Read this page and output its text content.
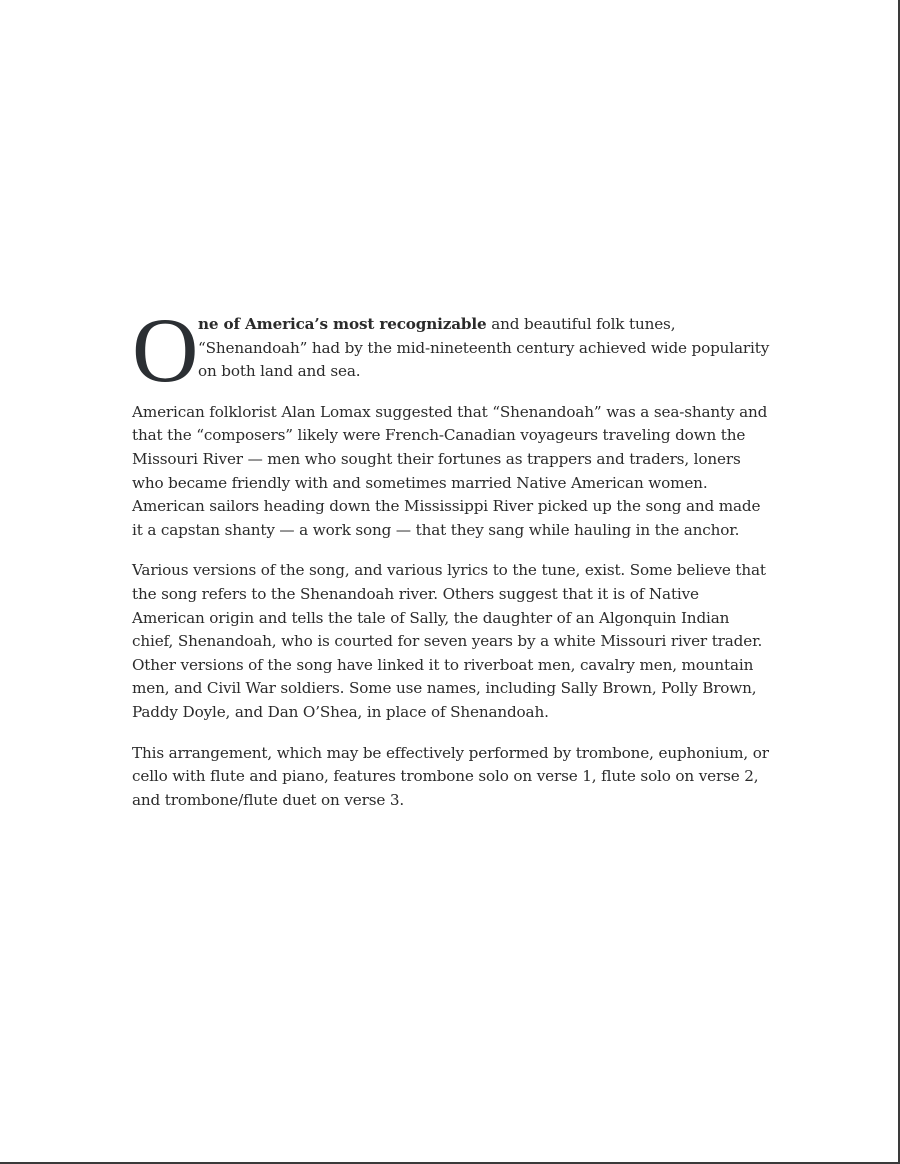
O ne of America’s most recognizable and beautiful folk tunes, “Shenandoah” had by the mid-nineteenth century achieved wide popularity on both land and sea.

American folklorist Alan Lomax suggested that “Shenandoah” was a sea-shanty and that the “composers” likely were French-Canadian voyageurs traveling down the Missouri River — men who sought their fortunes as trappers and traders, loners who became friendly with and sometimes married Native American women. American sailors heading down the Mississippi River picked up the song and made it a capstan shanty — a work song — that they sang while hauling in the anchor.

Various versions of the song, and various lyrics to the tune, exist. Some believe that the song refers to the Shenandoah river. Others suggest that it is of Native American origin and tells the tale of Sally, the daughter of an Algonquin Indian chief, Shenandoah, who is courted for seven years by a white Missouri river trader. Other versions of the song have linked it to riverboat men, cavalry men, mountain men, and Civil War soldiers. Some use names, including Sally Brown, Polly Brown, Paddy Doyle, and Dan O’Shea, in place of Shenandoah.

This arrangement, which may be effectively performed by trombone, euphonium, or cello with flute and piano, features trombone solo on verse 1, flute solo on verse 2, and trombone/flute duet on verse 3.
